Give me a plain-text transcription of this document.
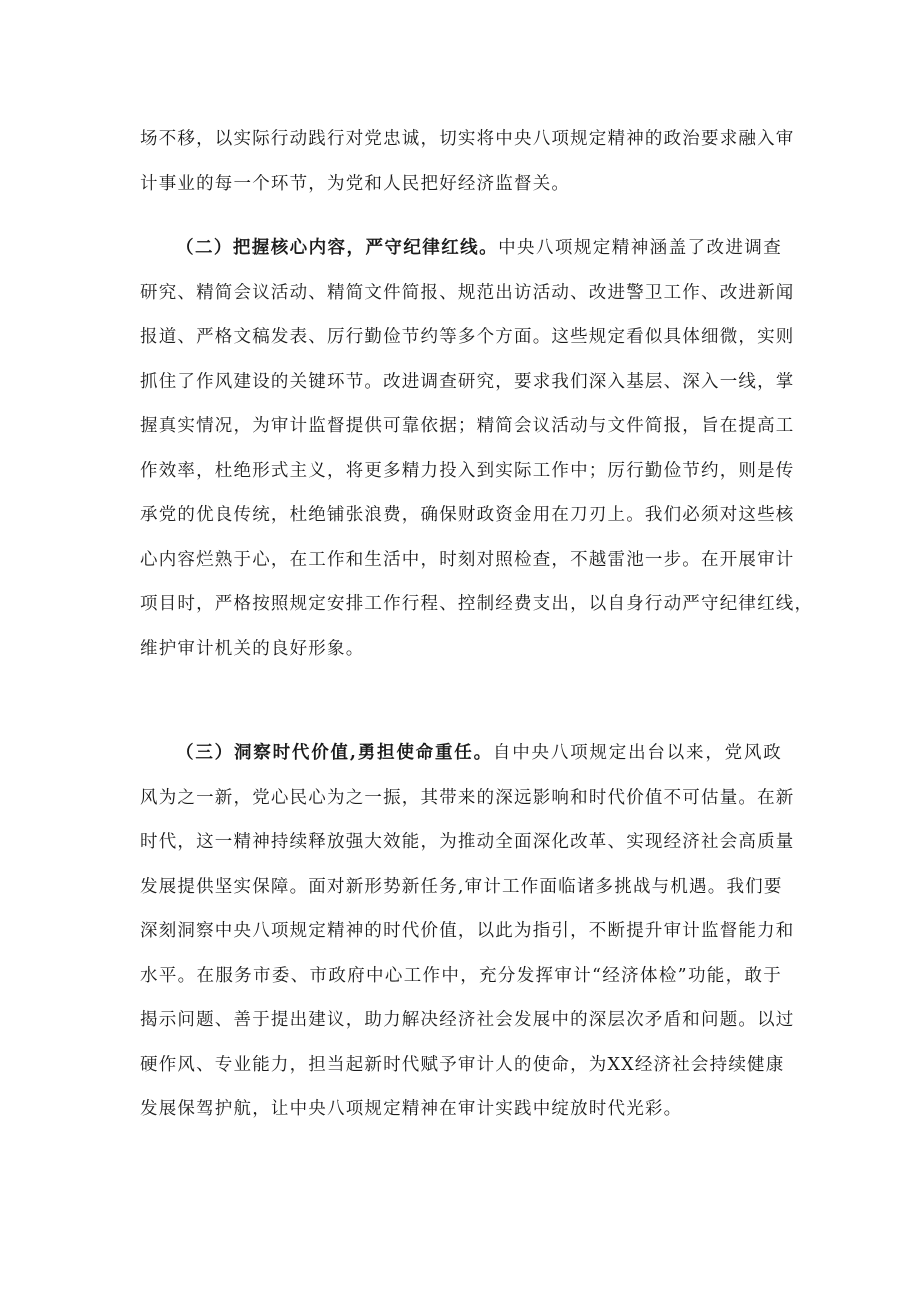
场不移，以实际行动践行对党忠诚，切实将中央八项规定精神的政治要求融入审
计事业的每一个环节，为党和人民把好经济监督关。
（二）把握核心内容，严守纪律红线。中央八项规定精神涵盖了改进调查
研究、精简会议活动、精简文件简报、规范出访活动、改进警卫工作、改进新闻
报道、严格文稿发表、厉行勤俭节约等多个方面。这些规定看似具体细微，实则
抓住了作风建设的关键环节。改进调查研究，要求我们深入基层、深入一线，掌
握真实情况，为审计监督提供可靠依据；精简会议活动与文件简报，旨在提高工
作效率，杜绝形式主义，将更多精力投入到实际工作中；厉行勤俭节约，则是传
承党的优良传统，杜绝铺张浪费，确保财政资金用在刀刃上。我们必须对这些核
心内容烂熟于心，在工作和生活中，时刻对照检查，不越雷池一步。在开展审计
项目时，严格按照规定安排工作行程、控制经费支出，以自身行动严守纪律红线，
维护审计机关的良好形象。
（三）洞察时代价值,勇担使命重任。自中央八项规定出台以来，党风政
风为之一新，党心民心为之一振，其带来的深远影响和时代价值不可估量。在新
时代，这一精神持续释放强大效能，为推动全面深化改革、实现经济社会高质量
发展提供坚实保障。面对新形势新任务,审计工作面临诸多挑战与机遇。我们要
深刻洞察中央八项规定精神的时代价值，以此为指引，不断提升审计监督能力和
水平。在服务市委、市政府中心工作中，充分发挥审计“经济体检”功能，敢于
揭示问题、善于提出建议，助力解决经济社会发展中的深层次矛盾和问题。以过
硬作风、专业能力，担当起新时代赋予审计人的使命，为XX经济社会持续健康
发展保驾护航，让中央八项规定精神在审计实践中绽放时代光彩。
